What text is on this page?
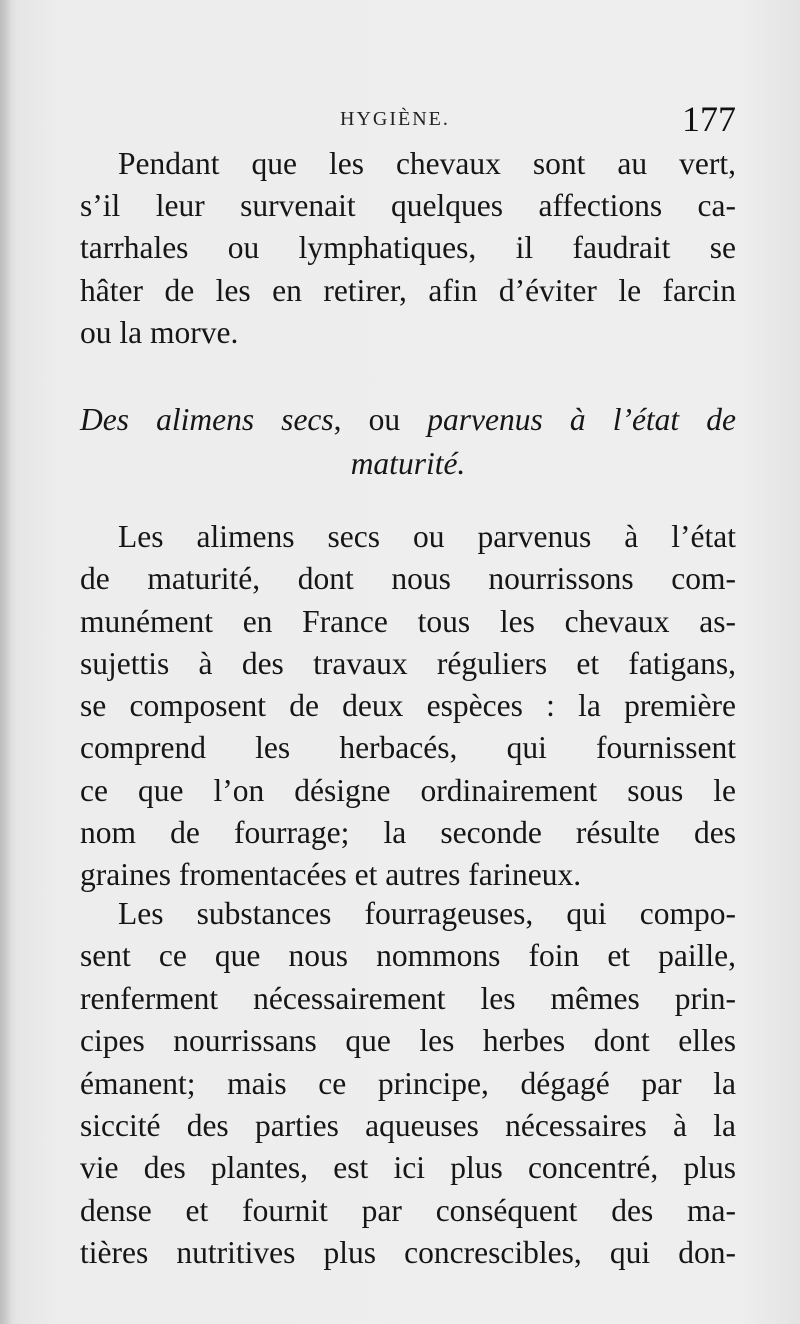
HYGIÈNE.	177
Pendant que les chevaux sont au vert,
s’il leur survenait quelques affections ca-
tarrhales ou lymphatiques, il faudrait se
hâter de les en retirer, afin d’éviter le farcin
ou la morve.
Des alimens secs, ou parvenus à l’état de
maturité.
Les alimens secs ou parvenus à l’état
de maturité, dont nous nourrissons com-
munément en France tous les chevaux as-
sujettis à des travaux réguliers et fatigans,
se composent de deux espèces : la première
comprend les herbacés, qui fournissent
ce que l’on désigne ordinairement sous le
nom de fourrage; la seconde résulte des
graines fromentacées et autres farineux.
Les substances fourrageuses, qui compo-
sent ce que nous nommons foin et paille,
renferment nécessairement les mêmes prin-
cipes nourrissans que les herbes dont elles
émanent; mais ce principe, dégagé par la
siccité des parties aqueuses nécessaires à la
vie des plantes, est ici plus concentré, plus
dense et fournit par conséquent des ma-
tières nutritives plus concrescibles, qui don-
